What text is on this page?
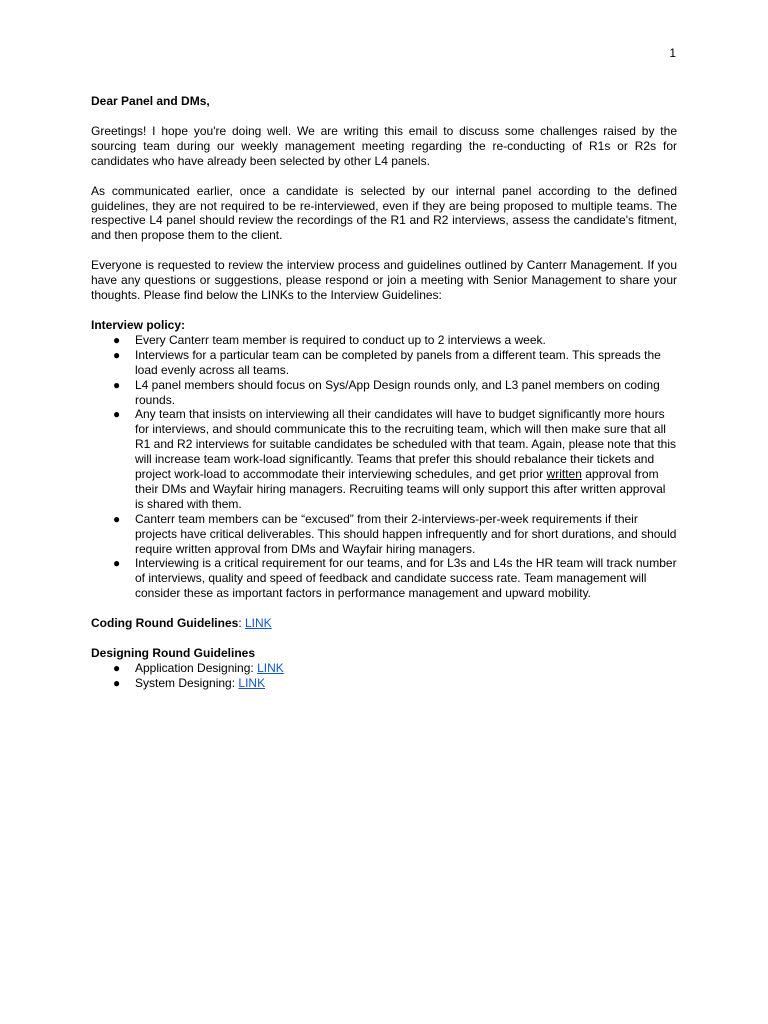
1

Dear Panel and DMs,

Greetings! I hope you're doing well. We are writing this email to discuss some challenges raised by the sourcing team during our weekly management meeting regarding the re-conducting of R1s or R2s for candidates who have already been selected by other L4 panels.

As communicated earlier, once a candidate is selected by our internal panel according to the defined guidelines, they are not required to be re-interviewed, even if they are being proposed to multiple teams. The respective L4 panel should review the recordings of the R1 and R2 interviews, assess the candidate's fitment, and then propose them to the client.

Everyone is requested to review the interview process and guidelines outlined by Canterr Management. If you have any questions or suggestions, please respond or join a meeting with Senior Management to share your thoughts. Please find below the LINKs to the Interview Guidelines:

Interview policy:

● Every Canterr team member is required to conduct up to 2 interviews a week.
● Interviews for a particular team can be completed by panels from a different team. This spreads the load evenly across all teams.
● L4 panel members should focus on Sys/App Design rounds only, and L3 panel members on coding rounds.
● Any team that insists on interviewing all their candidates will have to budget significantly more hours for interviews, and should communicate this to the recruiting team, which will then make sure that all R1 and R2 interviews for suitable candidates be scheduled with that team. Again, please note that this will increase team work-load significantly. Teams that prefer this should rebalance their tickets and project work-load to accommodate their interviewing schedules, and get prior written approval from their DMs and Wayfair hiring managers. Recruiting teams will only support this after written approval is shared with them.
● Canterr team members can be “excused” from their 2-interviews-per-week requirements if their projects have critical deliverables. This should happen infrequently and for short durations, and should require written approval from DMs and Wayfair hiring managers.
● Interviewing is a critical requirement for our teams, and for L3s and L4s the HR team will track number of interviews, quality and speed of feedback and candidate success rate. Team management will consider these as important factors in performance management and upward mobility.

Coding Round Guidelines: LINK

Designing Round Guidelines

● Application Designing: LINK
● System Designing: LINK
